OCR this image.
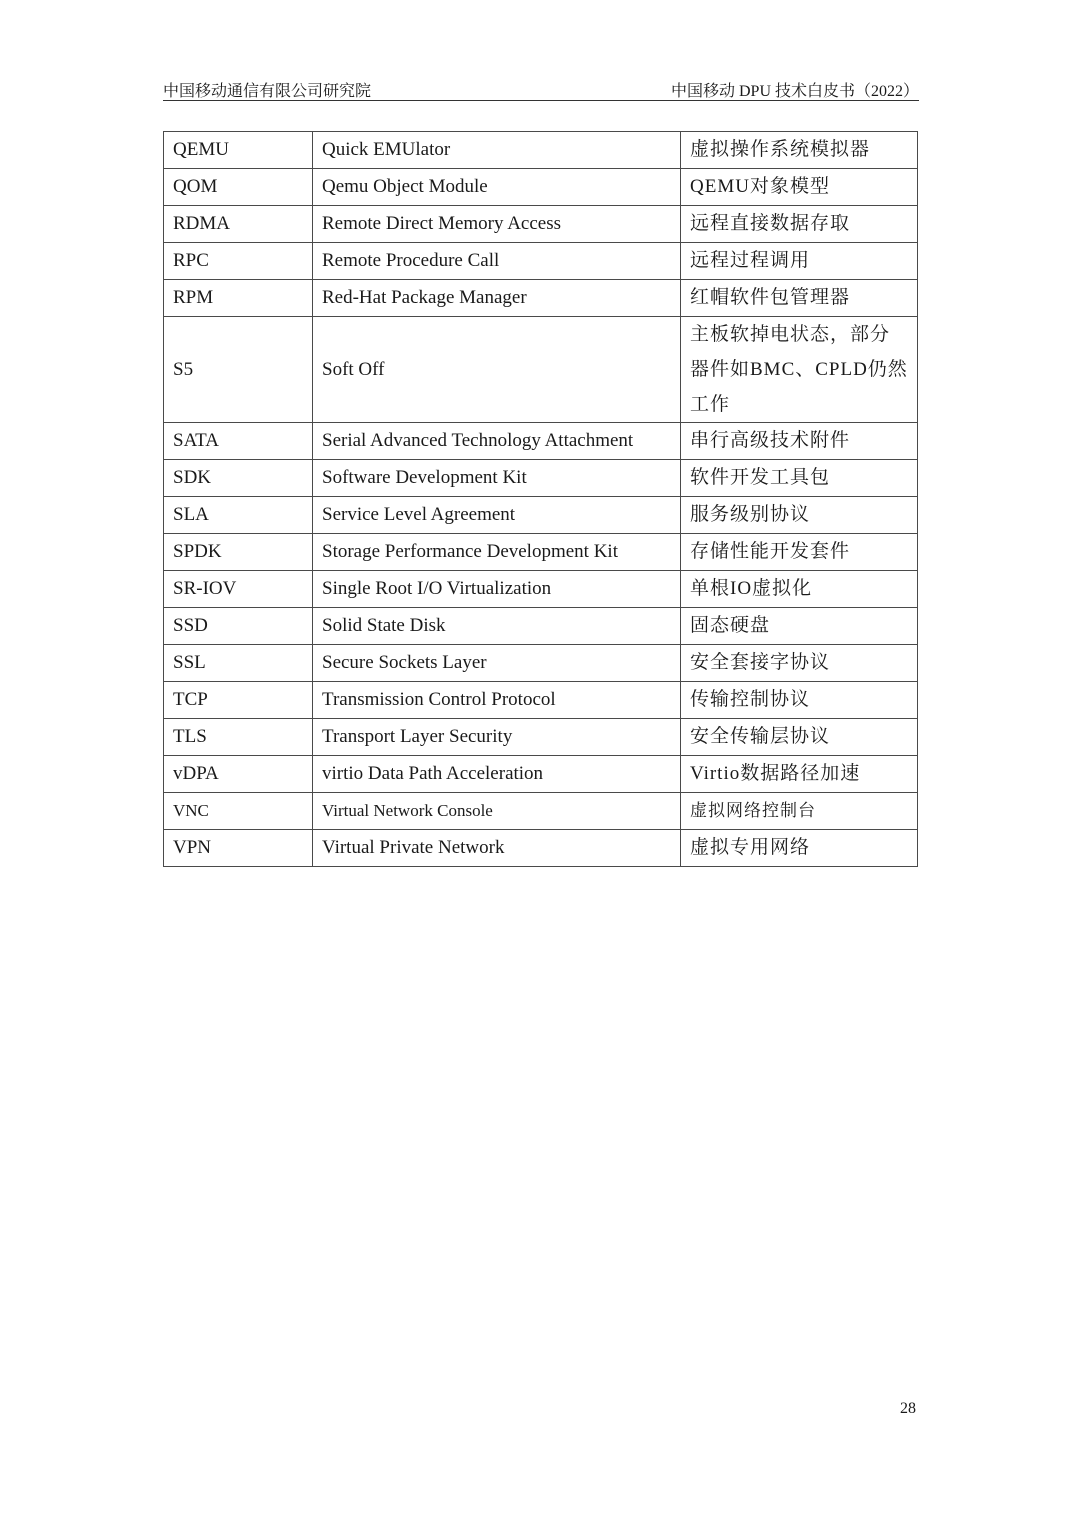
中国移动通信有限公司研究院	中国移动 DPU 技术白皮书（2022）
QEMU	Quick EMUlator	虚拟操作系统模拟器
QOM	Qemu Object Module	QEMU对象模型
RDMA	Remote Direct Memory Access	远程直接数据存取
RPC	Remote Procedure Call	远程过程调用
RPM	Red-Hat Package Manager	红帽软件包管理器
S5	Soft Off	主板软掉电状态，部分器件如BMC、CPLD仍然工作
SATA	Serial Advanced Technology Attachment	串行高级技术附件
SDK	Software Development Kit	软件开发工具包
SLA	Service Level Agreement	服务级别协议
SPDK	Storage Performance Development Kit	存储性能开发套件
SR-IOV	Single Root I/O Virtualization	单根IO虚拟化
SSD	Solid State Disk	固态硬盘
SSL	Secure Sockets Layer	安全套接字协议
TCP	Transmission Control Protocol	传输控制协议
TLS	Transport Layer Security	安全传输层协议
vDPA	virtio Data Path Acceleration	Virtio数据路径加速
VNC	Virtual Network Console	虚拟网络控制台
VPN	Virtual Private Network	虚拟专用网络
28
